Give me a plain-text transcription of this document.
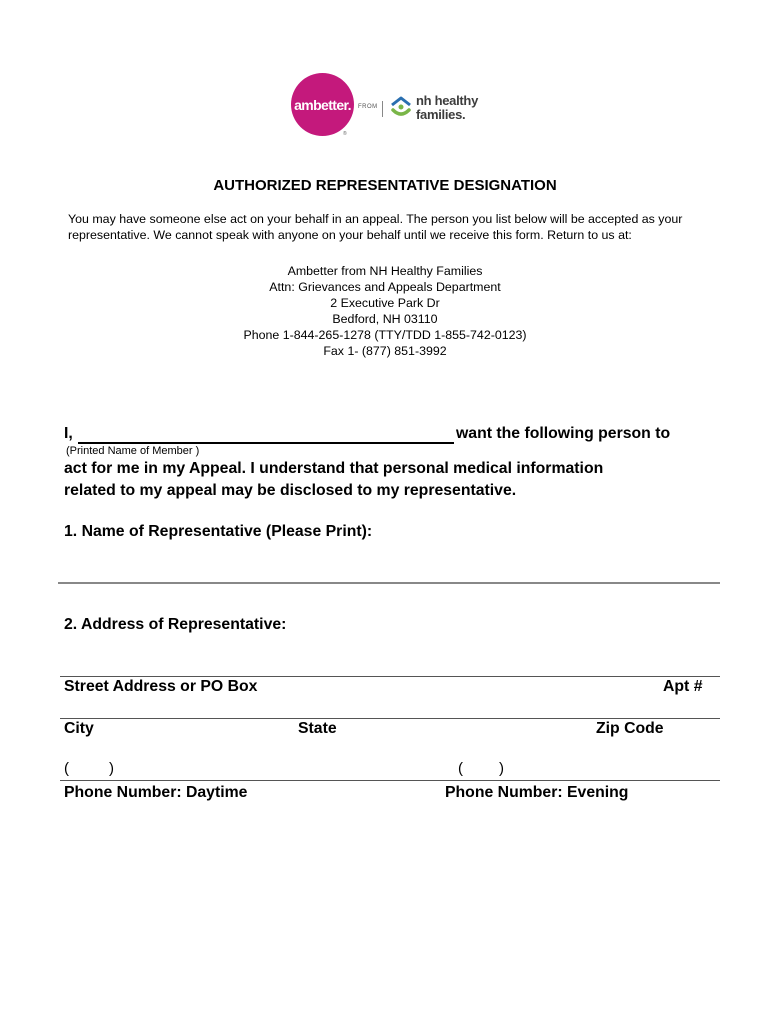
ambetter.
®
FROM	nh healthy
families.
AUTHORIZED REPRESENTATIVE DESIGNATION
You may have someone else act on your behalf in an appeal. The person you list below will be accepted as your representative. We cannot speak with anyone on your behalf until we receive this form. Return to us at:
Ambetter from NH Healthy Families
Attn: Grievances and Appeals Department
2 Executive Park Dr
Bedford, NH 03110
Phone 1-844-265-1278 (TTY/TDD 1-855-742-0123)
Fax 1- (877) 851-3992
I,	want the following person to
(Printed Name of Member )
act for me in my Appeal. I understand that personal medical information
related to my appeal may be disclosed to my representative.
1. Name of Representative (Please Print):
2. Address of Representative:
Street Address or PO Box	Apt #
City	State	Zip Code
(	)	( )
Phone Number: Daytime	Phone Number: Evening
